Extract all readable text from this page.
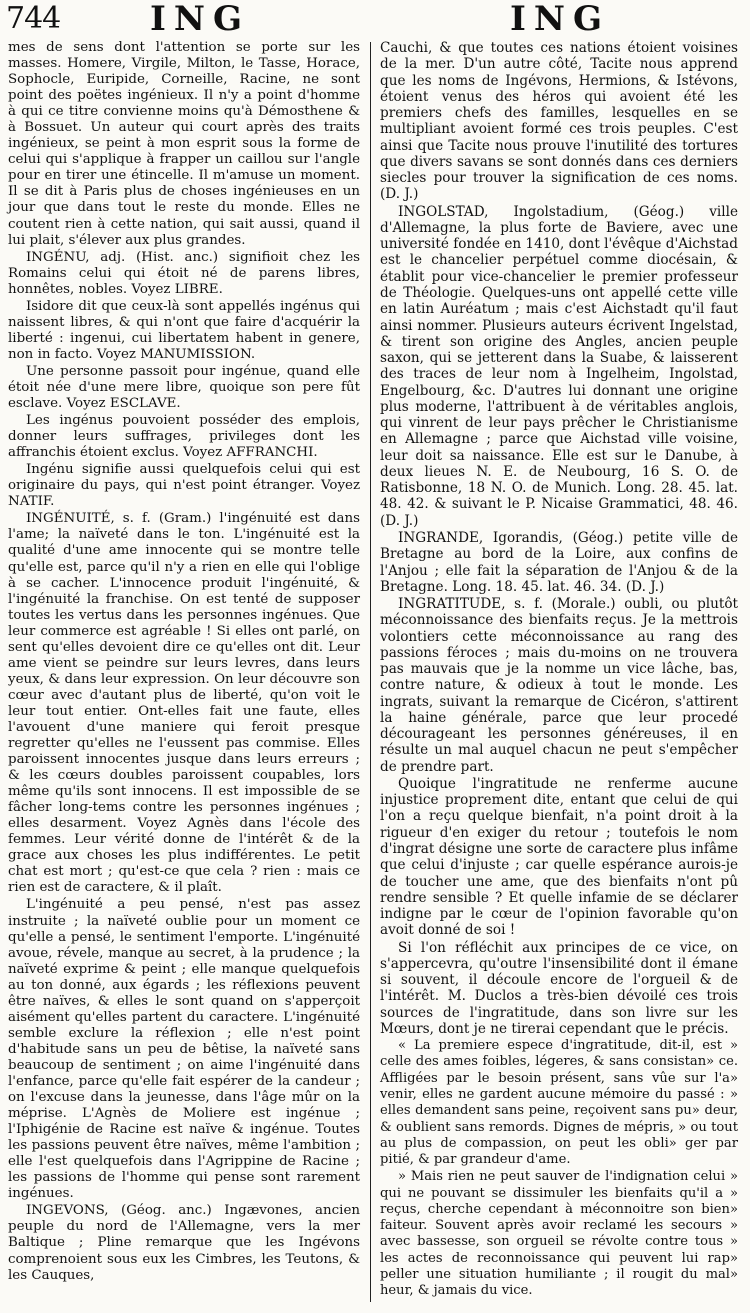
744	ING	ING

mes de sens dont l'attention se porte sur les masses. Homere, Virgile, Milton, le Tasse, Horace, Sophocle, Euripide, Corneille, Racine, ne sont point des poëtes ingénieux. Il n'y a point d'homme à qui ce titre convienne moins qu'à Démosthene & à Bossuet. Un auteur qui court après des traits ingénieux, se peint à mon esprit sous la forme de celui qui s'applique à frapper un caillou sur l'angle pour en tirer une étincelle. Il m'amuse un moment. Il se dit à Paris plus de choses ingénieuses en un jour que dans tout le reste du monde. Elles ne coutent rien à cette nation, qui sait aussi, quand il lui plait, s'élever aux plus grandes.

INGÉNU, adj. (Hist. anc.) signifioit chez les Romains celui qui étoit né de parens libres, honnêtes, nobles. Voyez LIBRE.

Isidore dit que ceux-là sont appellés ingénus qui naissent libres, & qui n'ont que faire d'acquérir la liberté : ingenui, cui libertatem habent in genere, non in facto. Voyez MANUMISSION.

Une personne passoit pour ingénue, quand elle étoit née d'une mere libre, quoique son pere fût esclave. Voyez ESCLAVE.

Les ingénus pouvoient posséder des emplois, donner leurs suffrages, privileges dont les affranchis étoient exclus. Voyez AFFRANCHI.

Ingénu signifie aussi quelquefois celui qui est originaire du pays, qui n'est point étranger. Voyez NATIF.

INGÉNUITÉ, s. f. (Gram.) l'ingénuité est dans l'ame; la naïveté dans le ton. L'ingénuité est la qualité d'une ame innocente qui se montre telle qu'elle est, parce qu'il n'y a rien en elle qui l'oblige à se cacher. L'innocence produit l'ingénuité, & l'ingénuité la franchise. On est tenté de supposer toutes les vertus dans les personnes ingénues. Que leur commerce est agréable ! Si elles ont parlé, on sent qu'elles devoient dire ce qu'elles ont dit. Leur ame vient se peindre sur leurs levres, dans leurs yeux, & dans leur expression. On leur découvre son cœur avec d'autant plus de liberté, qu'on voit le leur tout entier. Ont-elles fait une faute, elles l'avouent d'une maniere qui feroit presque regretter qu'elles ne l'eussent pas commise. Elles paroissent innocentes jusque dans leurs erreurs ; & les cœurs doubles paroissent coupables, lors même qu'ils sont innocens. Il est impossible de se fâcher long-tems contre les personnes ingénues ; elles desarment. Voyez Agnès dans l'école des femmes. Leur vérité donne de l'intérêt & de la grace aux choses les plus indifférentes. Le petit chat est mort ; qu'est-ce que cela ? rien : mais ce rien est de caractere, & il plaît.

L'ingénuité a peu pensé, n'est pas assez instruite ; la naïveté oublie pour un moment ce qu'elle a pensé, le sentiment l'emporte. L'ingénuité avoue, révele, manque au secret, à la prudence ; la naïveté exprime & peint ; elle manque quelquefois au ton donné, aux égards ; les réflexions peuvent être naïves, & elles le sont quand on s'apperçoit aisément qu'elles partent du caractere. L'ingénuité semble exclure la réflexion ; elle n'est point d'habitude sans un peu de bêtise, la naïveté sans beaucoup de sentiment ; on aime l'ingénuité dans l'enfance, parce qu'elle fait espérer de la candeur ; on l'excuse dans la jeunesse, dans l'âge mûr on la méprise. L'Agnès de Moliere est ingénue ; l'Iphigénie de Racine est naïve & ingénue. Toutes les passions peuvent être naïves, même l'ambition ; elle l'est quelquefois dans l'Agrippine de Racine ; les passions de l'homme qui pense sont rarement ingénues.

INGEVONS, (Géog. anc.) Ingævones, ancien peuple du nord de l'Allemagne, vers la mer Baltique ; Pline remarque que les Ingévons comprenoient sous eux les Cimbres, les Teutons, & les Cauques,

Cauchi, & que toutes ces nations étoient voisines de la mer. D'un autre côté, Tacite nous apprend que les noms de Ingévons, Hermions, & Istévons, étoient venus des héros qui avoient été les premiers chefs des familles, lesquelles en se multipliant avoient formé ces trois peuples. C'est ainsi que Tacite nous prouve l'inutilité des tortures que divers savans se sont donnés dans ces derniers siecles pour trouver la signification de ces noms. (D. J.)

INGOLSTAD, Ingolstadium, (Géog.) ville d'Allemagne, la plus forte de Baviere, avec une université fondée en 1410, dont l'évêque d'Aichstad est le chancelier perpétuel comme diocésain, & établit pour vice-chancelier le premier professeur de Théologie. Quelques-uns ont appellé cette ville en latin Auréatum ; mais c'est Aichstadt qu'il faut ainsi nommer. Plusieurs auteurs écrivent Ingelstad, & tirent son origine des Angles, ancien peuple saxon, qui se jetterent dans la Suabe, & laisserent des traces de leur nom à Ingelheim, Ingolstad, Engelbourg, &c. D'autres lui donnant une origine plus moderne, l'attribuent à de véritables anglois, qui vinrent de leur pays prêcher le Christianisme en Allemagne ; parce que Aichstad ville voisine, leur doit sa naissance. Elle est sur le Danube, à deux lieues N. E. de Neubourg, 16 S. O. de Ratisbonne, 18 N. O. de Munich. Long. 28. 45. lat. 48. 42. & suivant le P. Nicaise Grammatici, 48. 46. (D. J.)

INGRANDE, Igorandis, (Géog.) petite ville de Bretagne au bord de la Loire, aux confins de l'Anjou ; elle fait la séparation de l'Anjou & de la Bretagne. Long. 18. 45. lat. 46. 34. (D. J.)

INGRATITUDE, s. f. (Morale.) oubli, ou plutôt méconnoissance des bienfaits reçus. Je la mettrois volontiers cette méconnoissance au rang des passions féroces ; mais du-moins on ne trouvera pas mauvais que je la nomme un vice lâche, bas, contre nature, & odieux à tout le monde. Les ingrats, suivant la remarque de Cicéron, s'attirent la haine générale, parce que leur procedé décourageant les personnes généreuses, il en résulte un mal auquel chacun ne peut s'empêcher de prendre part.

Quoique l'ingratitude ne renferme aucune injustice proprement dite, entant que celui de qui l'on a reçu quelque bienfait, n'a point droit à la rigueur d'en exiger du retour ; toutefois le nom d'ingrat désigne une sorte de caractere plus infâme que celui d'injuste ; car quelle espérance aurois-je de toucher une ame, que des bienfaits n'ont pû rendre sensible ? Et quelle infamie de se déclarer indigne par le cœur de l'opinion favorable qu'on avoit donné de soi !

Si l'on réfléchit aux principes de ce vice, on s'appercevra, qu'outre l'insensibilité dont il émane si souvent, il découle encore de l'orgueil & de l'intérêt. M. Duclos a très-bien dévoilé ces trois sources de l'ingratitude, dans son livre sur les Mœurs, dont je ne tirerai cependant que le précis.

« La premiere espece d'ingratitude, dit-il, est » celle des ames foibles, légeres, & sans consistan» ce. Affligées par le besoin présent, sans vûe sur l'a» venir, elles ne gardent aucune mémoire du passé : » elles demandent sans peine, reçoivent sans pu» deur, & oublient sans remords. Dignes de mépris, » ou tout au plus de compassion, on peut les obli» ger par pitié, & par grandeur d'ame.

» Mais rien ne peut sauver de l'indignation celui » qui ne pouvant se dissimuler les bienfaits qu'il a » reçus, cherche cependant à méconnoitre son bien» faiteur. Souvent après avoir reclamé les secours » avec bassesse, son orgueil se révolte contre tous » les actes de reconnoissance qui peuvent lui rap» peller une situation humiliante ; il rougit du mal» heur, & jamais du vice.
